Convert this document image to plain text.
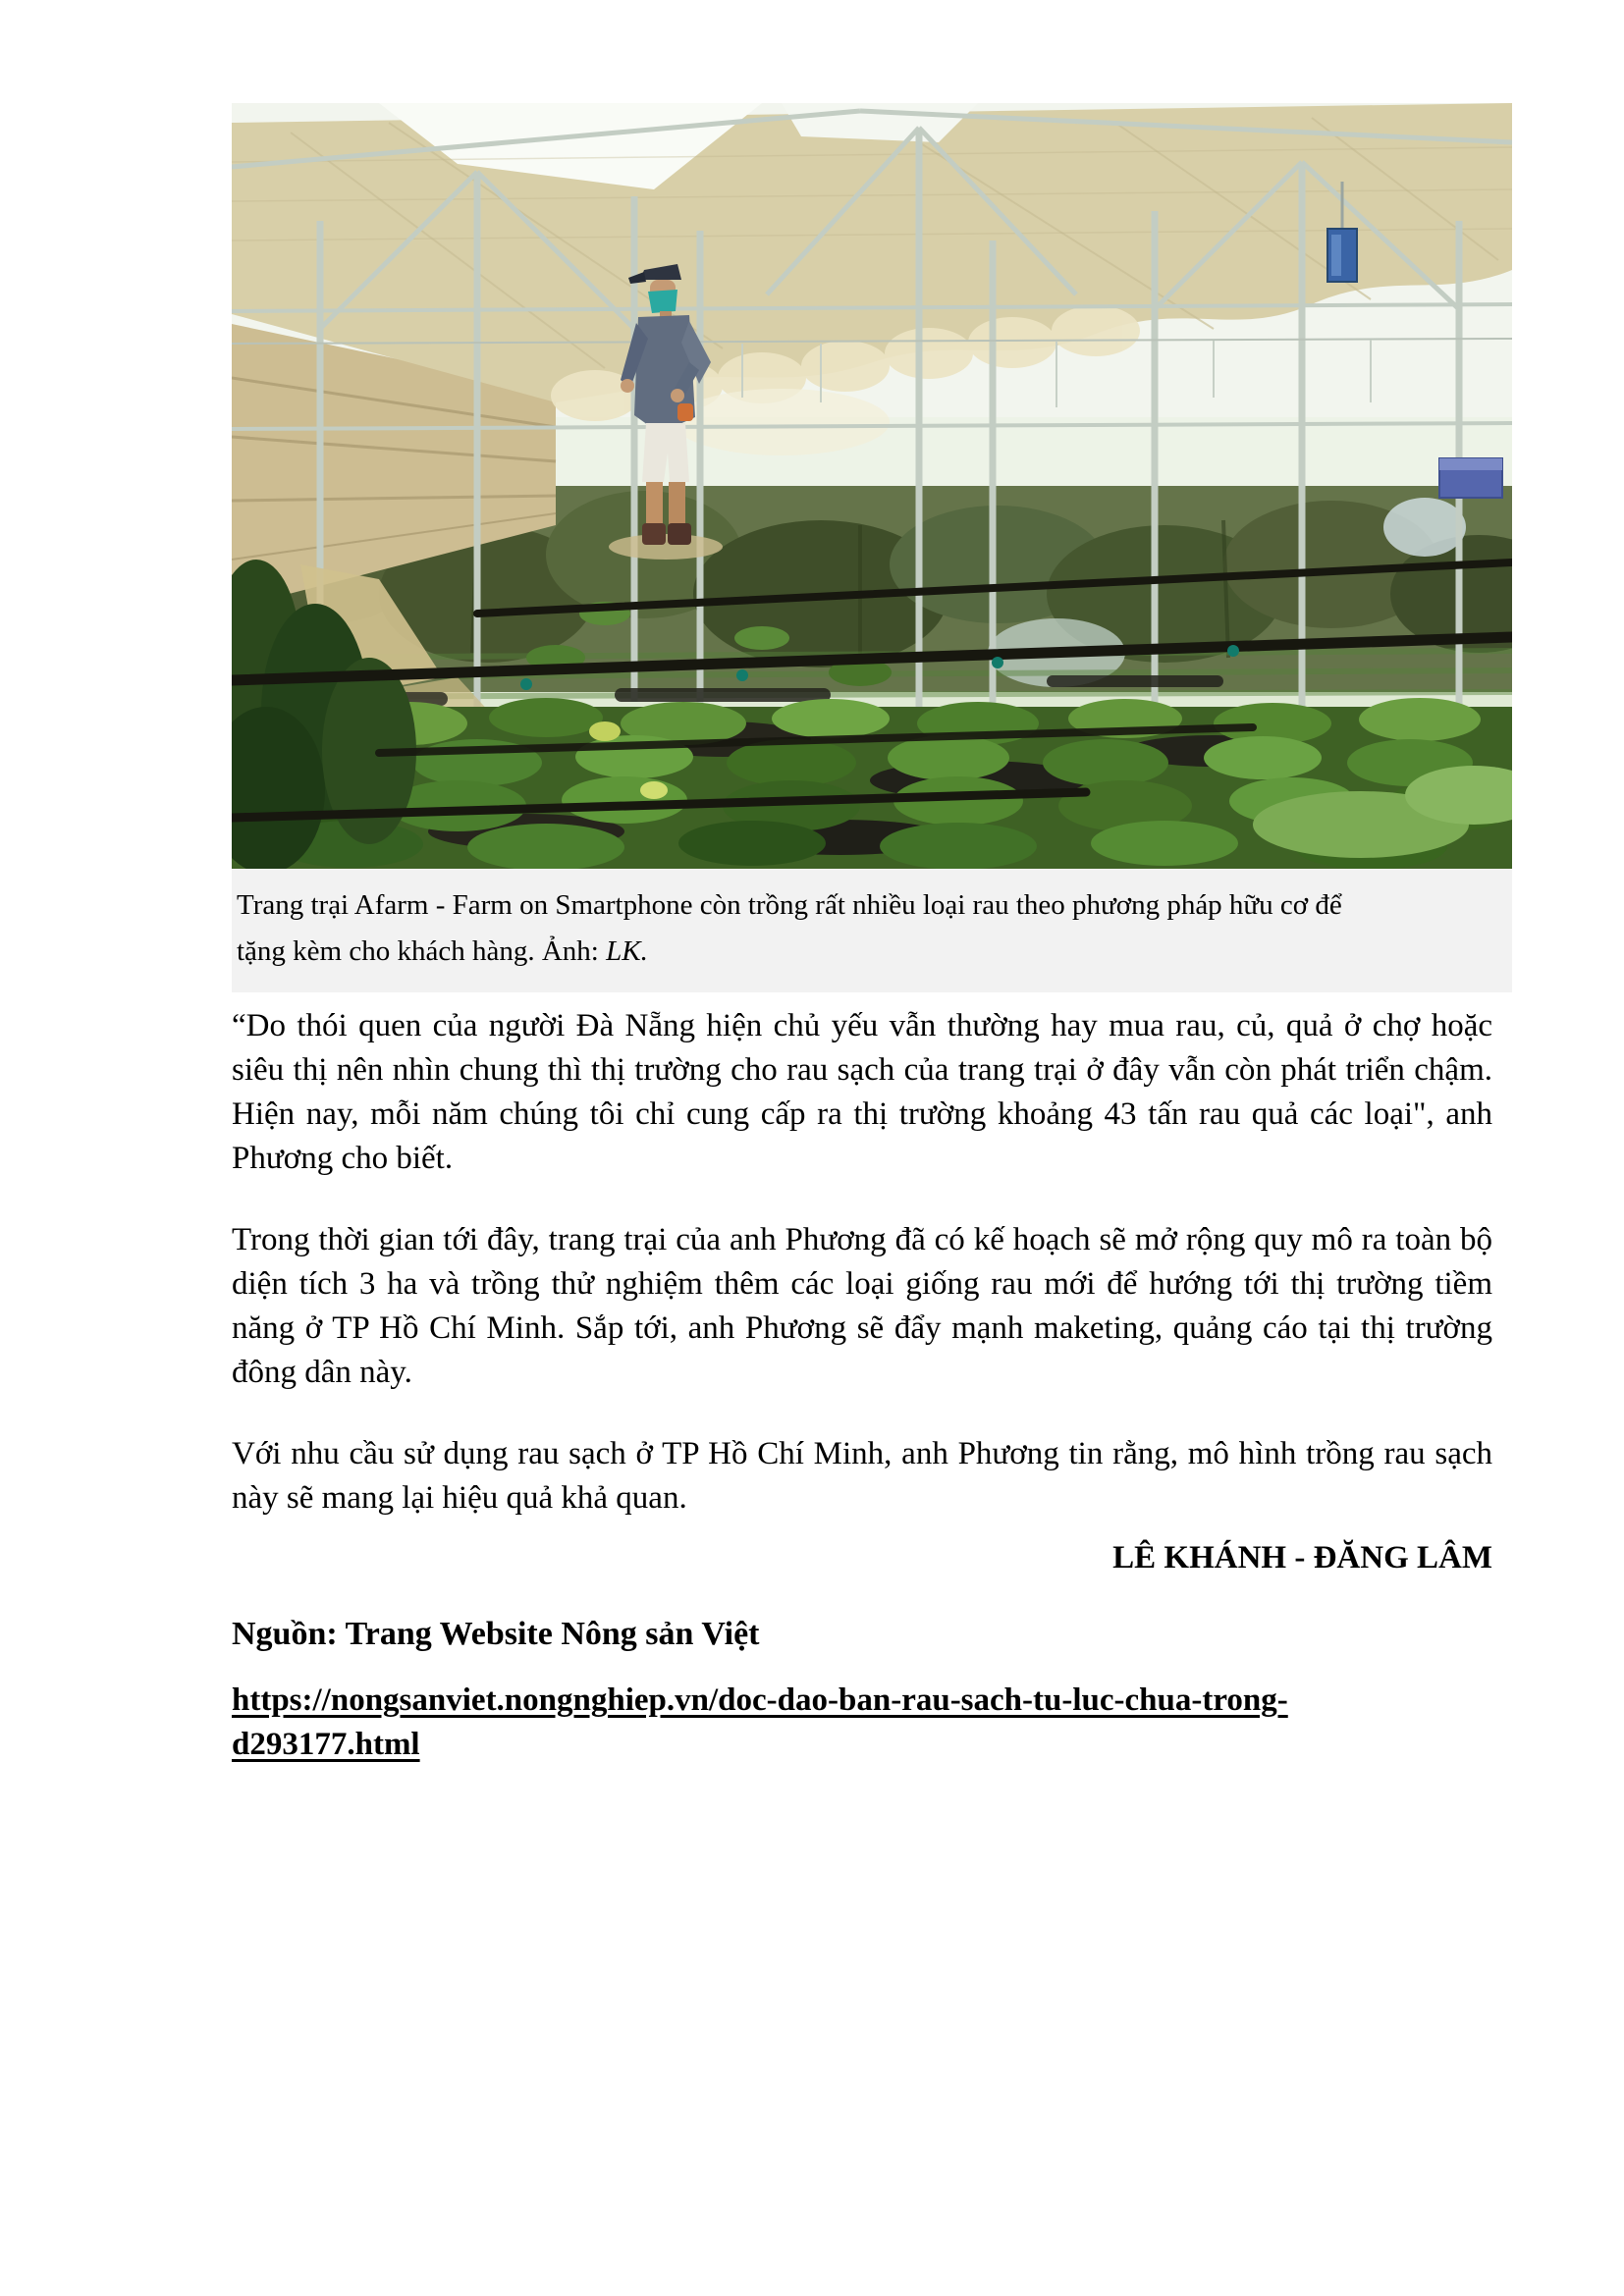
Trang trại Afarm - Farm on Smartphone còn trồng rất nhiều loại rau theo phương pháp hữu cơ để
tặng kèm cho khách hàng. Ảnh: LK.

“Do thói quen của người Đà Nẵng hiện chủ yếu vẫn thường hay mua rau, củ, quả ở chợ hoặc siêu thị nên nhìn chung thì thị trường cho rau sạch của trang trại ở đây vẫn còn phát triển chậm. Hiện nay, mỗi năm chúng tôi chỉ cung cấp ra thị trường khoảng 43 tấn rau quả các loại", anh Phương cho biết.

Trong thời gian tới đây, trang trại của anh Phương đã có kế hoạch sẽ mở rộng quy mô ra toàn bộ diện tích 3 ha và trồng thử nghiệm thêm các loại giống rau mới để hướng tới thị trường tiềm năng ở TP Hồ Chí Minh. Sắp tới, anh Phương sẽ đẩy mạnh maketing, quảng cáo tại thị trường đông dân này.

Với nhu cầu sử dụng rau sạch ở TP Hồ Chí Minh, anh Phương tin rằng, mô hình trồng rau sạch này sẽ mang lại hiệu quả khả quan.

LÊ KHÁNH - ĐĂNG LÂM

Nguồn: Trang Website Nông sản Việt

https://nongsanviet.nongnghiep.vn/doc-dao-ban-rau-sach-tu-luc-chua-trong-
d293177.html
